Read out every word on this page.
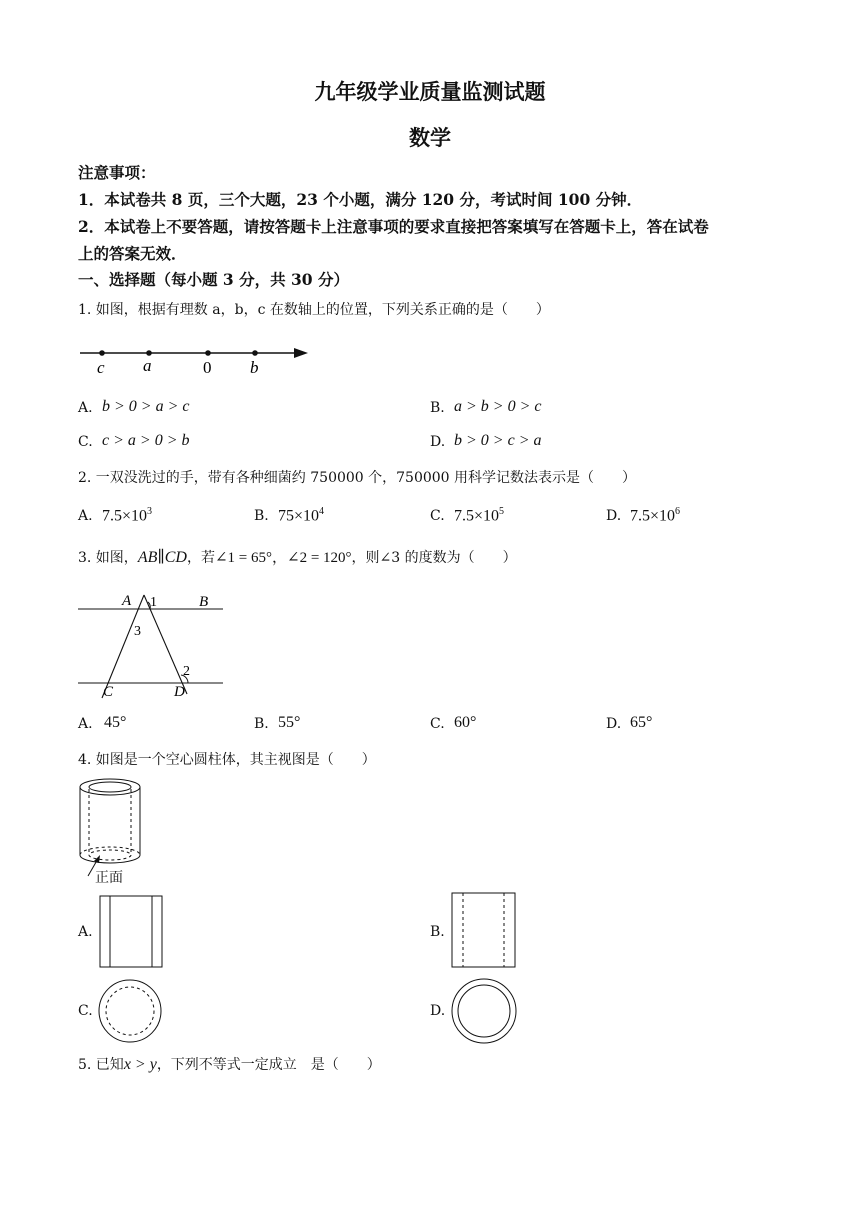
九年级学业质量监测试题
数学
注意事项：
1．本试卷共 8 页，三个大题，23 个小题，满分 120 分，考试时间 100 分钟．
2．本试卷上不要答题，请按答题卡上注意事项的要求直接把答案填写在答题卡上，答在试卷
上的答案无效．
一、选择题（每小题 3 分，共 30 分）
1. 如图，根据有理数 a，b，c 在数轴上的位置，下列关系正确的是（　　）
c a	0 b
A. b > 0 > a > c	B. a > b > 0 > c
C. c > a > 0 > b	D. b > 0 > c > a
2. 一双没洗过的手，带有各种细菌约 750000 个，750000 用科学记数法表示是（　　）
A. $7.5\times 10^3$	B. $75\times 10^4$	C. $7.5\times 10^5$	D. $7.5\times 10^6$
3. 如图，AB∥CD，若∠1 = 65°，∠2 = 120°，则∠3 的度数为（　　）
A 1	B
3
2
C	D
A. 45°	B. 55°	C. 60°	D. 65°
4. 如图是一个空心圆柱体，其主视图是（　　）
正面
A.	B.
C.	D.
5. 已知x > y，下列不等式一定成立　是（　　）
